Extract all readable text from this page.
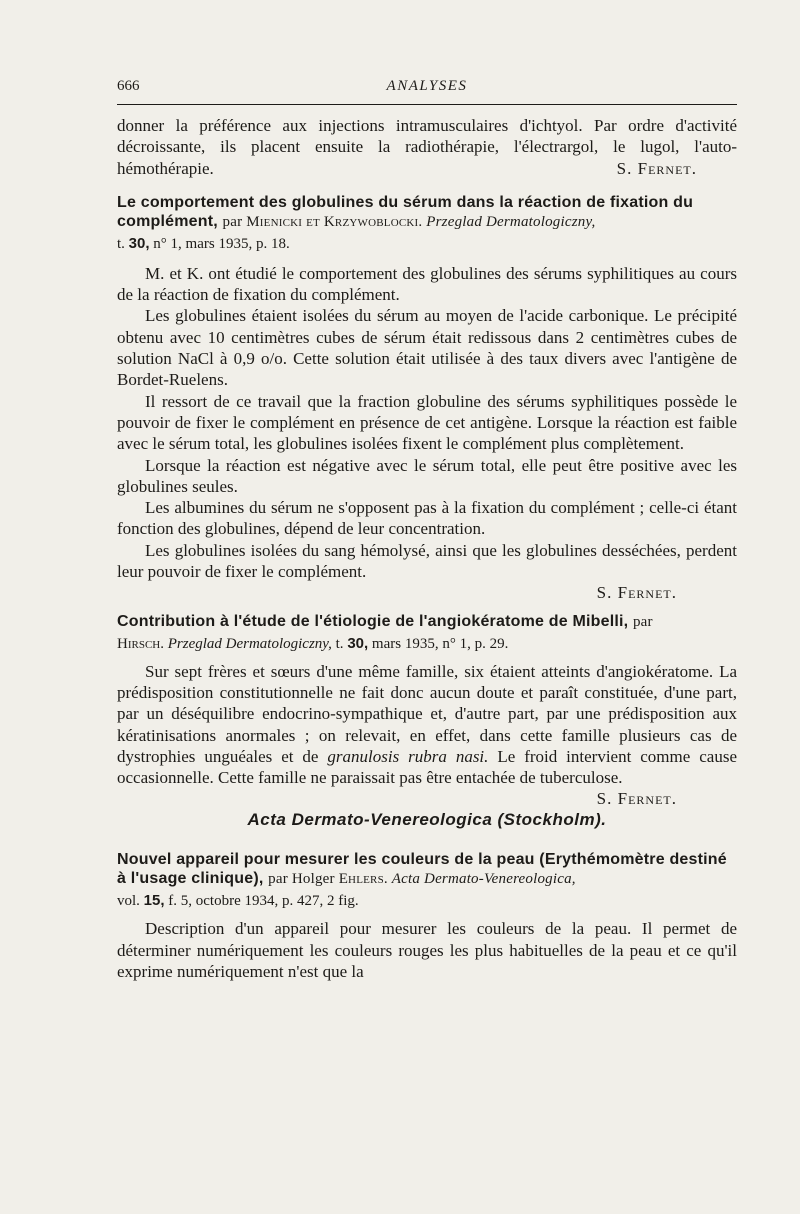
666	ANALYSES

donner la préférence aux injections intramusculaires d'ichtyol. Par ordre d'activité décroissante, ils placent ensuite la radiothérapie, l'électrargol, le lugol, l'auto-hémothérapie.	S. Fernet.

Le comportement des globulines du sérum dans la réaction de fixation du complément, par Mienicki et Krzywoblocki. Przeglad Dermatologiczny,

t. 30, n° 1, mars 1935, p. 18.

M. et K. ont étudié le comportement des globulines des sérums syphilitiques au cours de la réaction de fixation du complément.

Les globulines étaient isolées du sérum au moyen de l'acide carbonique. Le précipité obtenu avec 10 centimètres cubes de sérum était redissous dans 2 centimètres cubes de solution NaCl à 0,9 o/o. Cette solution était utilisée à des taux divers avec l'antigène de Bordet-Ruelens.

Il ressort de ce travail que la fraction globuline des sérums syphilitiques possède le pouvoir de fixer le complément en présence de cet antigène. Lorsque la réaction est faible avec le sérum total, les globulines isolées fixent le complément plus complètement.

Lorsque la réaction est négative avec le sérum total, elle peut être positive avec les globulines seules.

Les albumines du sérum ne s'opposent pas à la fixation du complément ; celle-ci étant fonction des globulines, dépend de leur concentration.

Les globulines isolées du sang hémolysé, ainsi que les globulines desséchées, perdent leur pouvoir de fixer le complément.

S. Fernet.

Contribution à l'étude de l'étiologie de l'angiokératome de Mibelli, par

Hirsch. Przeglad Dermatologiczny, t. 30, mars 1935, n° 1, p. 29.

Sur sept frères et sœurs d'une même famille, six étaient atteints d'angiokératome. La prédisposition constitutionnelle ne fait donc aucun doute et paraît constituée, d'une part, par un déséquilibre endocrino-sympathique et, d'autre part, par une prédisposition aux kératinisations anormales ; on relevait, en effet, dans cette famille plusieurs cas de dystrophies unguéales et de granulosis rubra nasi. Le froid intervient comme cause occasionnelle. Cette famille ne paraissait pas être entachée de tuberculose.
S. Fernet.

Acta Dermato-Venereologica (Stockholm).

Nouvel appareil pour mesurer les couleurs de la peau (Erythémomètre destiné à l'usage clinique), par Holger Ehlers. Acta Dermato-Venereologica,

vol. 15, f. 5, octobre 1934, p. 427, 2 fig.

Description d'un appareil pour mesurer les couleurs de la peau. Il permet de déterminer numériquement les couleurs rouges les plus habituelles de la peau et ce qu'il exprime numériquement n'est que la
